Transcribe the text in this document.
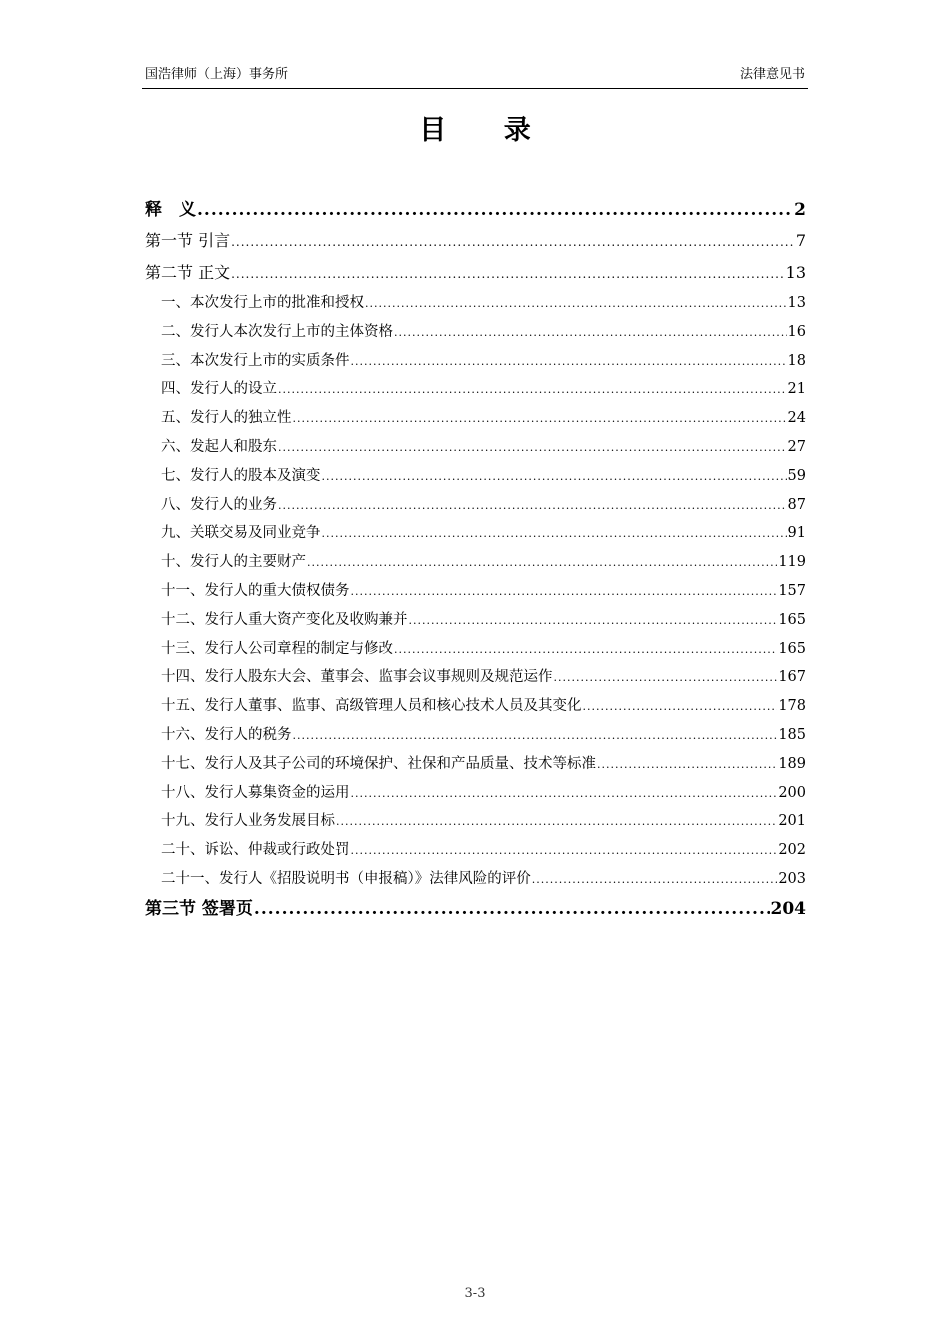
国浩律师（上海）事务所	法律意见书
目 录
释　义 .....	2
第一节 引言 .....	7
第二节 正文 .....	13
一、本次发行上市的批准和授权 .....	13
二、发行人本次发行上市的主体资格 .....	16
三、本次发行上市的实质条件 .....	18
四、发行人的设立 .....	21
五、发行人的独立性 .....	24
六、发起人和股东 .....	27
七、发行人的股本及演变 .....	59
八、发行人的业务 .....	87
九、关联交易及同业竞争 .....	91
十、发行人的主要财产 .....	119
十一、发行人的重大债权债务 .....	157
十二、发行人重大资产变化及收购兼并 .....	165
十三、发行人公司章程的制定与修改 .....	165
十四、发行人股东大会、董事会、监事会议事规则及规范运作 .....	167
十五、发行人董事、监事、高级管理人员和核心技术人员及其变化 .....	178
十六、发行人的税务 .....	185
十七、发行人及其子公司的环境保护、社保和产品质量、技术等标准 .....	189
十八、发行人募集资金的运用 .....	200
十九、发行人业务发展目标 .....	201
二十、诉讼、仲裁或行政处罚 .....	202
二十一、发行人《招股说明书（申报稿）》法律风险的评价 .....	203
第三节 签署页 .....	204
3-3
